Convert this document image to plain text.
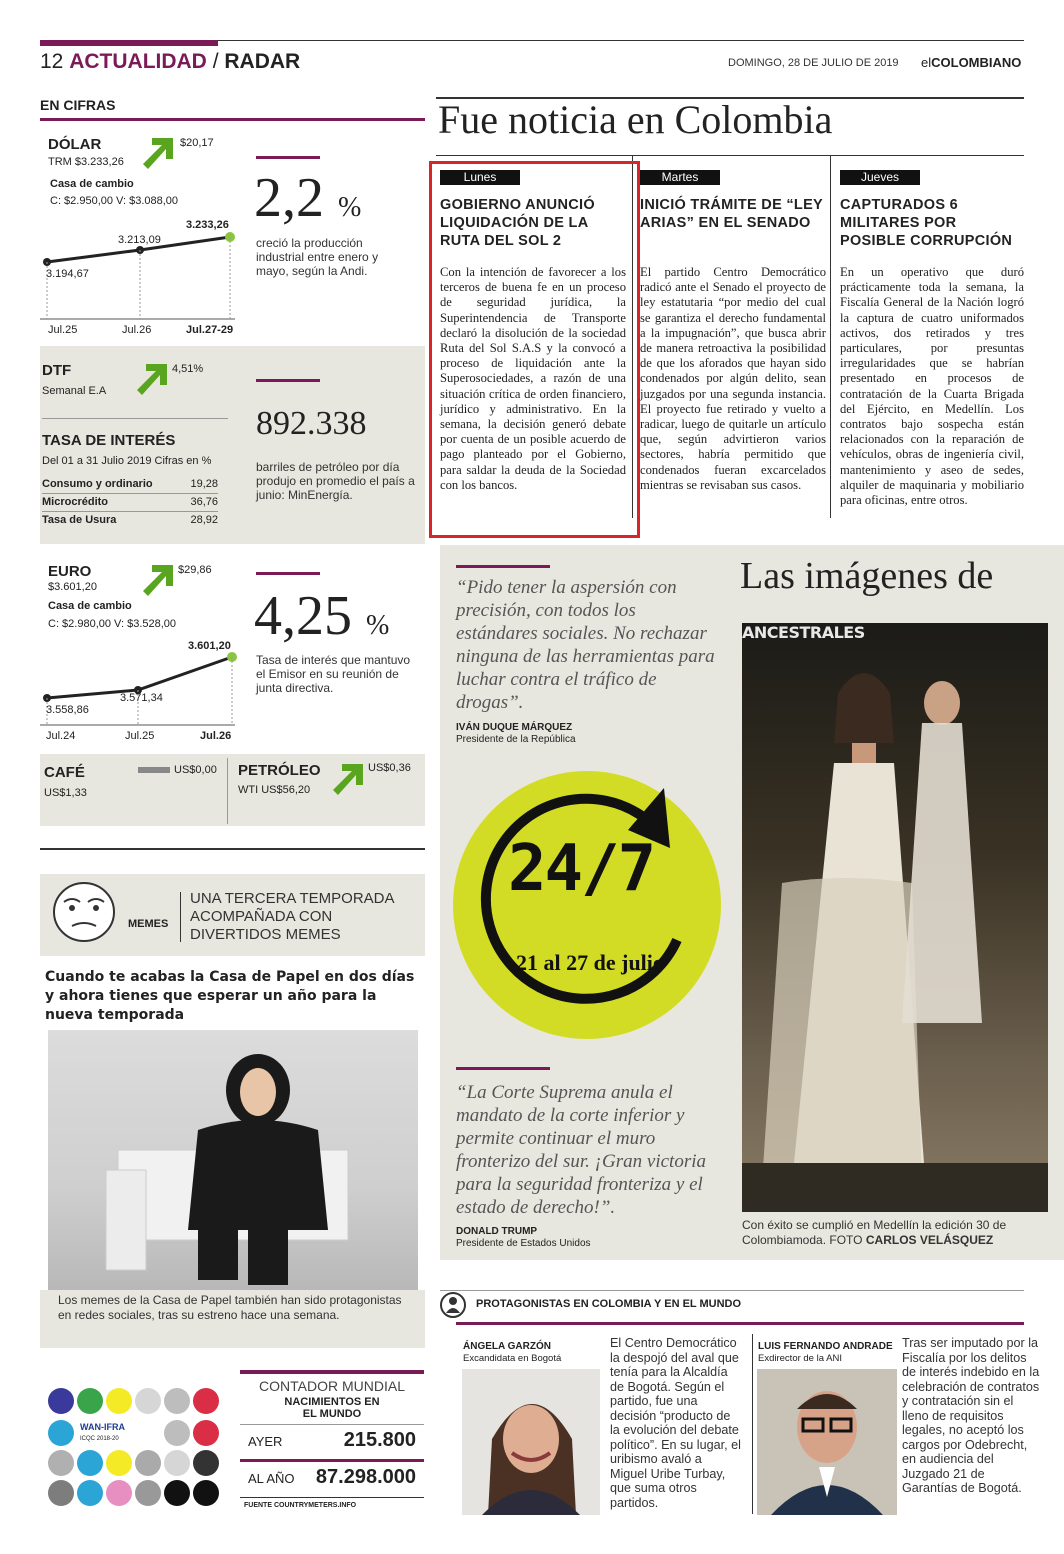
12 ACTUALIDAD / RADAR	DOMINGO, 28 DE JULIO DE 2019 elCOLOMBIANO
EN CIFRAS
DÓLAR	$20,17
TRM $3.233,26
Casa de cambio
C: $2.950,00 V: $3.088,00
3.194,67
3.213,09
3.233,26
Jul.25	Jul.26	Jul.27-29
2,2 %
creció la producción industrial entre enero y mayo, según la Andi.
DTF	4,51%
Semanal E.A
TASA DE INTERÉS
Del 01 a 31 Julio 2019 Cifras en %
Consumo y ordinario	19,28
Microcrédito	36,76
Tasa de Usura	28,92
892.338
barriles de petróleo por día produjo en promedio el país a junio: MinEnergía.
EURO	$29,86
$3.601,20
Casa de cambio
C: $2.980,00 V: $3.528,00
3.558,86
3.571,34
3.601,20
Jul.24	Jul.25	Jul.26
4,25 %
Tasa de interés que mantuvo el Emisor en su reunión de junta directiva.
CAFÉ	US$0,00
US$1,33
PETRÓLEO	US$0,36
WTI US$56,20
MEMES
UNA TERCERA TEMPORADA ACOMPAÑADA CON DIVERTIDOS MEMES
Cuando te acabas la Casa de Papel en dos días y ahora tienes que esperar un año para la nueva temporada
Los memes de la Casa de Papel también han sido protagonistas en redes sociales, tras su estreno hace una semana.
WAN-IFRA
ICQC 2018-20
CONTADOR MUNDIAL
NACIMIENTOS EN EL MUNDO
AYER	215.800
AL AÑO 87.298.000
FUENTE COUNTRYMETERS.INFO
Fue noticia en Colombia
Lunes
GOBIERNO ANUNCIÓ LIQUIDACIÓN DE LA RUTA DEL SOL 2
Con la intención de favorecer a los terceros de buena fe en un proceso de seguridad jurídica, la Superintendencia de Transporte declaró la disolución de la sociedad Ruta del Sol S.A.S y la convocó a proceso de liquidación ante la Superosociedades, a razón de una situación crítica de orden financiero, jurídico y administrativo. En la semana, la decisión generó debate por cuenta de un posible acuerdo de pago planteado por el Gobierno, para saldar la deuda de la Sociedad con los bancos.
Martes
INICIÓ TRÁMITE DE “LEY ARIAS” EN EL SENADO
El partido Centro Democrático radicó ante el Senado el proyecto de ley estatutaria “por medio del cual se garantiza el derecho fundamental a la impugnación”, que busca abrir de manera retroactiva la posibilidad de que los aforados que hayan sido condenados por algún delito, sean juzgados por una segunda instancia. El proyecto fue retirado y vuelto a radicar, luego de quitarle un artículo que, según advirtieron varios sectores, habría permitido que condenados fueran excarcelados mientras se revisaban sus casos.
Jueves
CAPTURADOS 6 MILITARES POR POSIBLE CORRUPCIÓN
En un operativo que duró prácticamente toda la semana, la Fiscalía General de la Nación logró la captura de cuatro uniformados activos, dos retirados y tres particulares, por presuntas irregularidades que se habrían presentado en procesos de contratación de la Cuarta Brigada del Ejército, en Medellín. Los contratos bajo sospecha están relacionados con la reparación de vehículos, obras de ingeniería civil, mantenimiento y aseo de sedes, alquiler de maquinaria y mobiliario para oficinas, entre otros.
“Pido tener la aspersión con precisión, con todos los estándares sociales. No rechazar ninguna de las herramientas para luchar contra el tráfico de drogas”.
IVÁN DUQUE MÁRQUEZ
Presidente de la República
24/7
21 al 27 de julio
“La Corte Suprema anula el mandato de la corte inferior y permite continuar el muro fronterizo del sur. ¡Gran victoria para la seguridad fronteriza y el estado de derecho!”.
DONALD TRUMP
Presidente de Estados Unidos
Las imágenes de
ANCESTRALES
Con éxito se cumplió en Medellín la edición 30 de Colombiamoda. FOTO CARLOS VELÁSQUEZ
PROTAGONISTAS EN COLOMBIA Y EN EL MUNDO
ÁNGELA GARZÓN
Excandidata en Bogotá
El Centro Democrático la despojó del aval que tenía para la Alcaldía de Bogotá. Según el partido, fue una decisión “producto de la evolución del debate político”. En su lugar, el uribismo avaló a Miguel Uribe Turbay, que suma otros partidos.
LUIS FERNANDO ANDRADE
Exdirector de la ANI
Tras ser imputado por la Fiscalía por los delitos de interés indebido en la celebración de contratos y contratación sin el lleno de requisitos legales, no aceptó los cargos por Odebrecht, en audiencia del Juzgado 21 de Garantías de Bogotá.
